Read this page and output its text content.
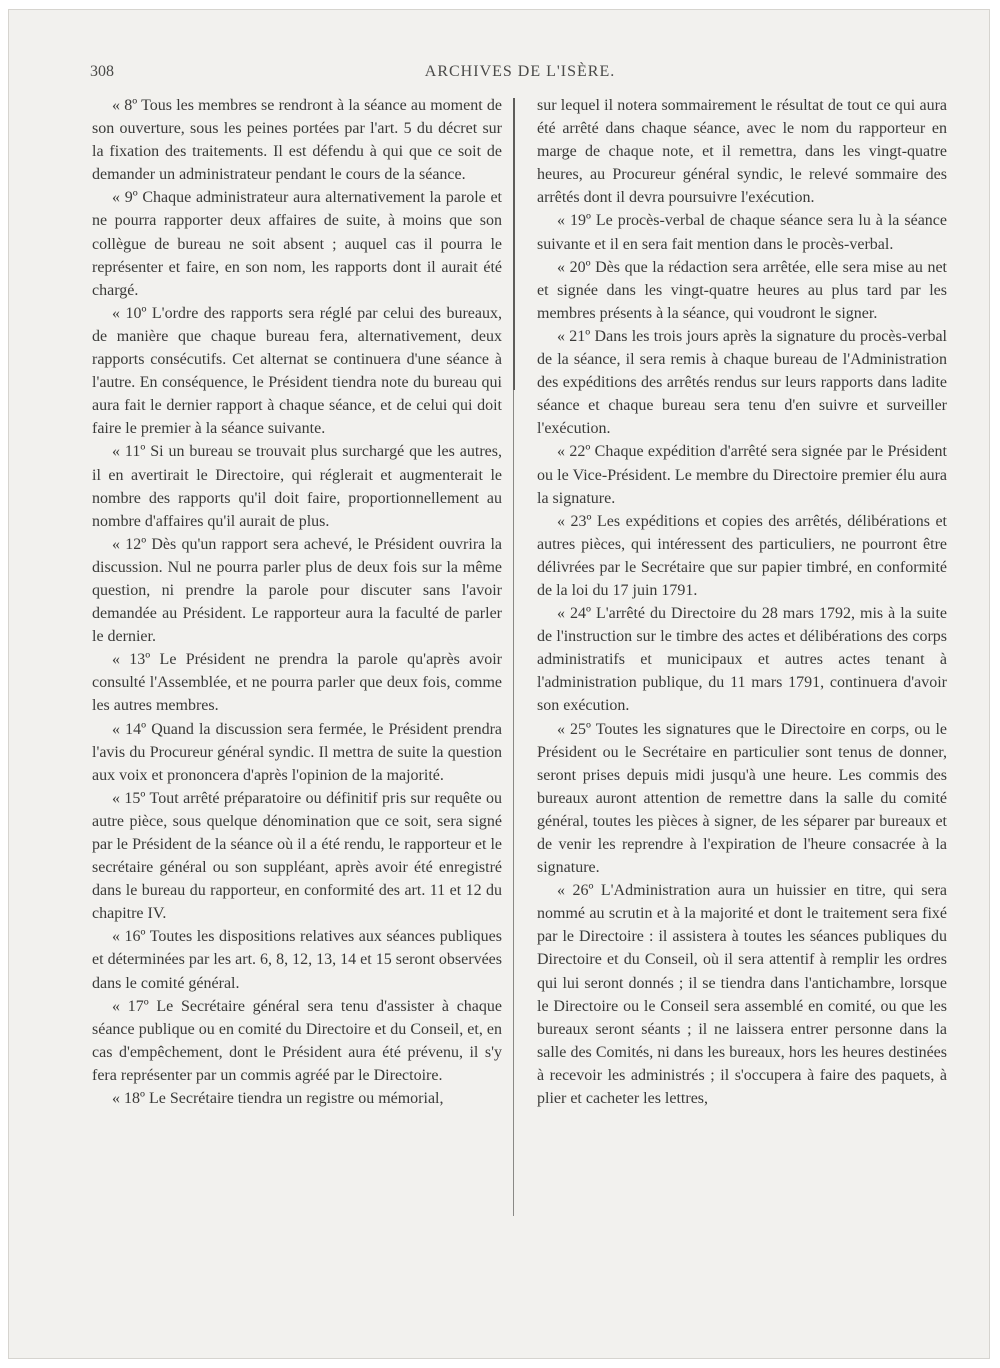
308	ARCHIVES DE L'ISÈRE.

« 8º Tous les membres se rendront à la séance au moment de son ouverture, sous les peines portées par l'art. 5 du décret sur la fixation des traitements. Il est défendu à qui que ce soit de demander un administrateur pendant le cours de la séance.

« 9º Chaque administrateur aura alternativement la parole et ne pourra rapporter deux affaires de suite, à moins que son collègue de bureau ne soit absent ; auquel cas il pourra le représenter et faire, en son nom, les rapports dont il aurait été chargé.

« 10º L'ordre des rapports sera réglé par celui des bureaux, de manière que chaque bureau fera, alternativement, deux rapports consécutifs. Cet alternat se continuera d'une séance à l'autre. En conséquence, le Président tiendra note du bureau qui aura fait le dernier rapport à chaque séance, et de celui qui doit faire le premier à la séance suivante.

« 11º Si un bureau se trouvait plus surchargé que les autres, il en avertirait le Directoire, qui réglerait et augmenterait le nombre des rapports qu'il doit faire, proportionnellement au nombre d'affaires qu'il aurait de plus.

« 12º Dès qu'un rapport sera achevé, le Président ouvrira la discussion. Nul ne pourra parler plus de deux fois sur la même question, ni prendre la parole pour discuter sans l'avoir demandée au Président. Le rapporteur aura la faculté de parler le dernier.

« 13º Le Président ne prendra la parole qu'après avoir consulté l'Assemblée, et ne pourra parler que deux fois, comme les autres membres.

« 14º Quand la discussion sera fermée, le Président prendra l'avis du Procureur général syndic. Il mettra de suite la question aux voix et prononcera d'après l'opinion de la majorité.

« 15º Tout arrêté préparatoire ou définitif pris sur requête ou autre pièce, sous quelque dénomination que ce soit, sera signé par le Président de la séance où il a été rendu, le rapporteur et le secrétaire général ou son suppléant, après avoir été enregistré dans le bureau du rapporteur, en conformité des art. 11 et 12 du chapitre IV.

« 16º Toutes les dispositions relatives aux séances publiques et déterminées par les art. 6, 8, 12, 13, 14 et 15 seront observées dans le comité général.

« 17º Le Secrétaire général sera tenu d'assister à chaque séance publique ou en comité du Directoire et du Conseil, et, en cas d'empêchement, dont le Président aura été prévenu, il s'y fera représenter par un commis agréé par le Directoire.

« 18º Le Secrétaire tiendra un registre ou mémorial,

sur lequel il notera sommairement le résultat de tout ce qui aura été arrêté dans chaque séance, avec le nom du rapporteur en marge de chaque note, et il remettra, dans les vingt-quatre heures, au Procureur général syndic, le relevé sommaire des arrêtés dont il devra poursuivre l'exécution.

« 19º Le procès-verbal de chaque séance sera lu à la séance suivante et il en sera fait mention dans le procès-verbal.

« 20º Dès que la rédaction sera arrêtée, elle sera mise au net et signée dans les vingt-quatre heures au plus tard par les membres présents à la séance, qui voudront le signer.

« 21º Dans les trois jours après la signature du procès-verbal de la séance, il sera remis à chaque bureau de l'Administration des expéditions des arrêtés rendus sur leurs rapports dans ladite séance et chaque bureau sera tenu d'en suivre et surveiller l'exécution.

« 22º Chaque expédition d'arrêté sera signée par le Président ou le Vice-Président. Le membre du Directoire premier élu aura la signature.

« 23º Les expéditions et copies des arrêtés, délibérations et autres pièces, qui intéressent des particuliers, ne pourront être délivrées par le Secrétaire que sur papier timbré, en conformité de la loi du 17 juin 1791.

« 24º L'arrêté du Directoire du 28 mars 1792, mis à la suite de l'instruction sur le timbre des actes et délibérations des corps administratifs et municipaux et autres actes tenant à l'administration publique, du 11 mars 1791, continuera d'avoir son exécution.

« 25º Toutes les signatures que le Directoire en corps, ou le Président ou le Secrétaire en particulier sont tenus de donner, seront prises depuis midi jusqu'à une heure. Les commis des bureaux auront attention de remettre dans la salle du comité général, toutes les pièces à signer, de les séparer par bureaux et de venir les reprendre à l'expiration de l'heure consacrée à la signature.

« 26º L'Administration aura un huissier en titre, qui sera nommé au scrutin et à la majorité et dont le traitement sera fixé par le Directoire : il assistera à toutes les séances publiques du Directoire et du Conseil, où il sera attentif à remplir les ordres qui lui seront donnés ; il se tiendra dans l'antichambre, lorsque le Directoire ou le Conseil sera assemblé en comité, ou que les bureaux seront séants ; il ne laissera entrer personne dans la salle des Comités, ni dans les bureaux, hors les heures destinées à recevoir les administrés ; il s'occupera à faire des paquets, à plier et cacheter les lettres,
